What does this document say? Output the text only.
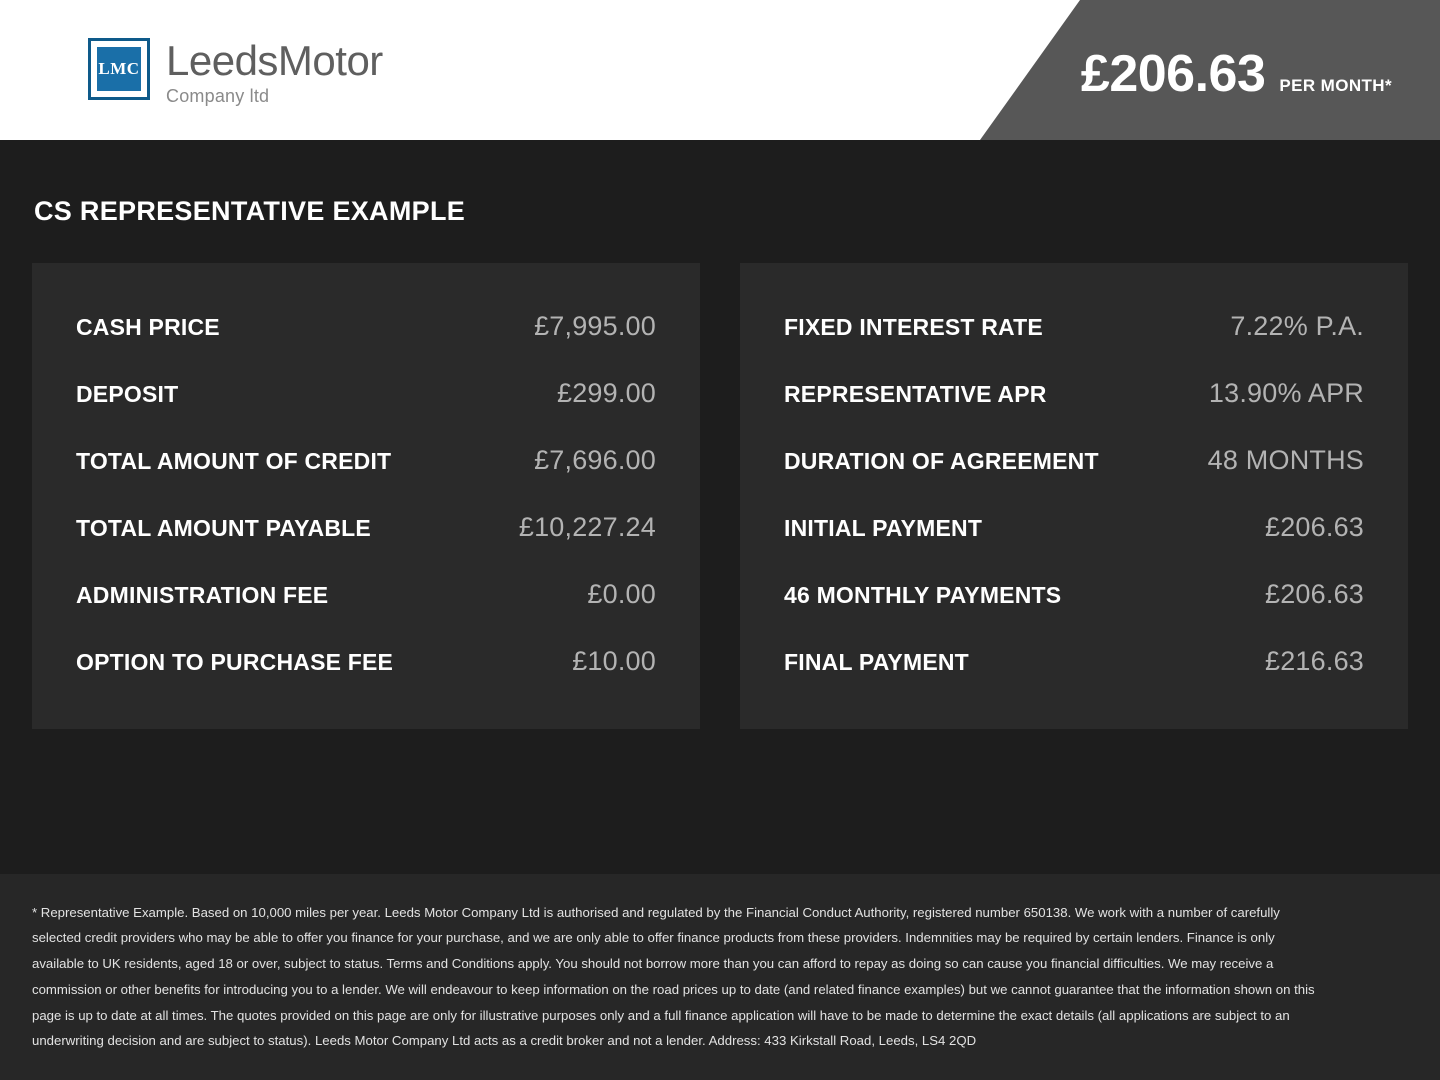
LMC LeedsMotor
Company ltd	£206.63 PER MONTH*
CS REPRESENTATIVE EXAMPLE
CASH PRICE	£7,995.00
DEPOSIT	£299.00
TOTAL AMOUNT OF CREDIT	£7,696.00
TOTAL AMOUNT PAYABLE	£10,227.24
ADMINISTRATION FEE	£0.00
OPTION TO PURCHASE FEE	£10.00
FIXED INTEREST RATE	7.22% P.A.
REPRESENTATIVE APR	13.90% APR
DURATION OF AGREEMENT	48 MONTHS
INITIAL PAYMENT	£206.63
46 MONTHLY PAYMENTS	£206.63
FINAL PAYMENT	£216.63

* Representative Example. Based on 10,000 miles per year. Leeds Motor Company Ltd is authorised and regulated by the Financial Conduct Authority, registered number 650138. We work with a number of carefully selected credit providers who may be able to offer you finance for your purchase, and we are only able to offer finance products from these providers. Indemnities may be required by certain lenders. Finance is only available to UK residents, aged 18 or over, subject to status. Terms and Conditions apply. You should not borrow more than you can afford to repay as doing so can cause you financial difficulties. We may receive a commission or other benefits for introducing you to a lender. We will endeavour to keep information on the road prices up to date (and related finance examples) but we cannot guarantee that the information shown on this page is up to date at all times. The quotes provided on this page are only for illustrative purposes only and a full finance application will have to be made to determine the exact details (all applications are subject to an underwriting decision and are subject to status). Leeds Motor Company Ltd acts as a credit broker and not a lender. Address: 433 Kirkstall Road, Leeds, LS4 2QD
